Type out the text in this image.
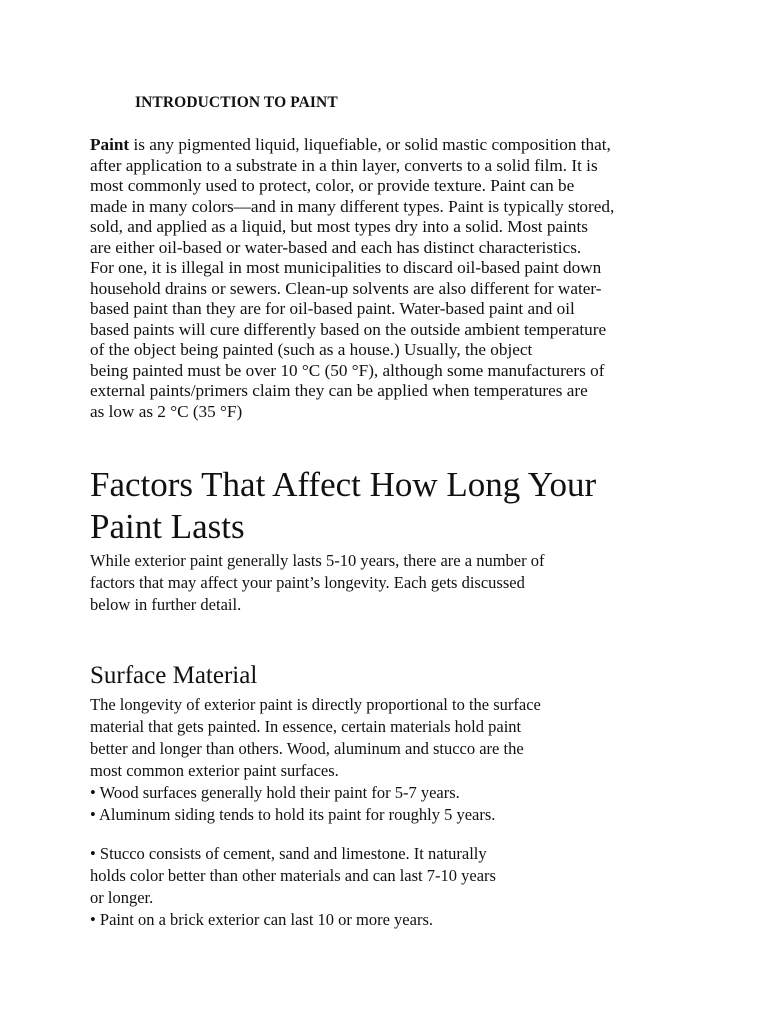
INTRODUCTION TO PAINT

Paint is any pigmented liquid, liquefiable, or solid mastic composition that,

after application to a substrate in a thin layer, converts to a solid film. It is

most commonly used to protect, color, or provide texture. Paint can be

made in many colors—and in many different types. Paint is typically stored,

sold, and applied as a liquid, but most types dry into a solid. Most paints

are either oil-based or water-based and each has distinct characteristics.

For one, it is illegal in most municipalities to discard oil-based paint down

household drains or sewers. Clean-up solvents are also different for water-

based paint than they are for oil-based paint. Water-based paint and oil

based paints will cure differently based on the outside ambient temperature

of the object being painted (such as a house.) Usually, the object

being painted must be over 10 °C (50 °F), although some manufacturers of

external paints/primers claim they can be applied when temperatures are

as low as 2 °C (35 °F)

Factors That Affect How Long Your
Paint Lasts

While exterior paint generally lasts 5-10 years, there are a number of

factors that may affect your paint’s longevity. Each gets discussed

below in further detail.

Surface Material

The longevity of exterior paint is directly proportional to the surface

material that gets painted. In essence, certain materials hold paint

better and longer than others. Wood, aluminum and stucco are the

most common exterior paint surfaces.

• Wood surfaces generally hold their paint for 5-7 years.

• Aluminum siding tends to hold its paint for roughly 5 years.

• Stucco consists of cement, sand and limestone. It naturally

holds color better than other materials and can last 7-10 years

or longer.

• Paint on a brick exterior can last 10 or more years.
